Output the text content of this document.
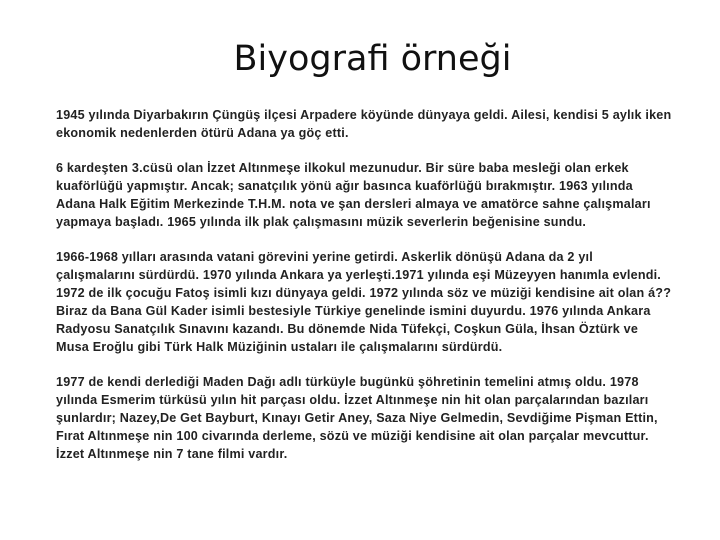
Biyografi örneği

1945 yılında Diyarbakırın Çüngüş ilçesi Arpadere köyünde dünyaya geldi. Ailesi, kendisi 5 aylık iken ekonomik nedenlerden ötürü Adana ya göç etti.

6 kardeşten 3.cüsü olan İzzet Altınmeşe ilkokul mezunudur. Bir süre baba mesleği olan erkek kuaförlüğü yapmıştır. Ancak; sanatçılık yönü ağır basınca kuaförlüğü bırakmıştır. 1963 yılında Adana Halk Eğitim Merkezinde T.H.M. nota ve şan dersleri almaya ve amatörce sahne çalışmaları yapmaya başladı. 1965 yılında ilk plak çalışmasını müzik severlerin beğenisine sundu.

1966-1968 yılları arasında vatani görevini yerine getirdi. Askerlik dönüşü Adana da 2 yıl çalışmalarını sürdürdü. 1970 yılında Ankara ya yerleşti.1971 yılında eşi Müzeyyen hanımla evlendi. 1972 de ilk çocuğu Fatoş isimli kızı dünyaya geldi. 1972 yılında söz ve müziği kendisine ait olan á??Biraz da Bana Gül Kader isimli bestesiyle Türkiye genelinde ismini duyurdu. 1976 yılında Ankara Radyosu Sanatçılık Sınavını kazandı. Bu dönemde Nida Tüfekçi, Coşkun Güla, İhsan Öztürk ve Musa Eroğlu gibi Türk Halk Müziğinin ustaları ile çalışmalarını sürdürdü.

1977 de kendi derlediği Maden Dağı adlı türküyle bugünkü şöhretinin temelini atmış oldu. 1978 yılında Esmerim türküsü yılın hit parçası oldu. İzzet Altınmeşe nin hit olan parçalarından bazıları şunlardır; Nazey,De Get Bayburt, Kınayı Getir Aney, Saza Niye Gelmedin, Sevdiğime Pişman Ettin, Fırat Altınmeşe nin 100 civarında derleme, sözü ve müziği kendisine ait olan parçalar mevcuttur. İzzet Altınmeşe nin 7 tane filmi vardır.
